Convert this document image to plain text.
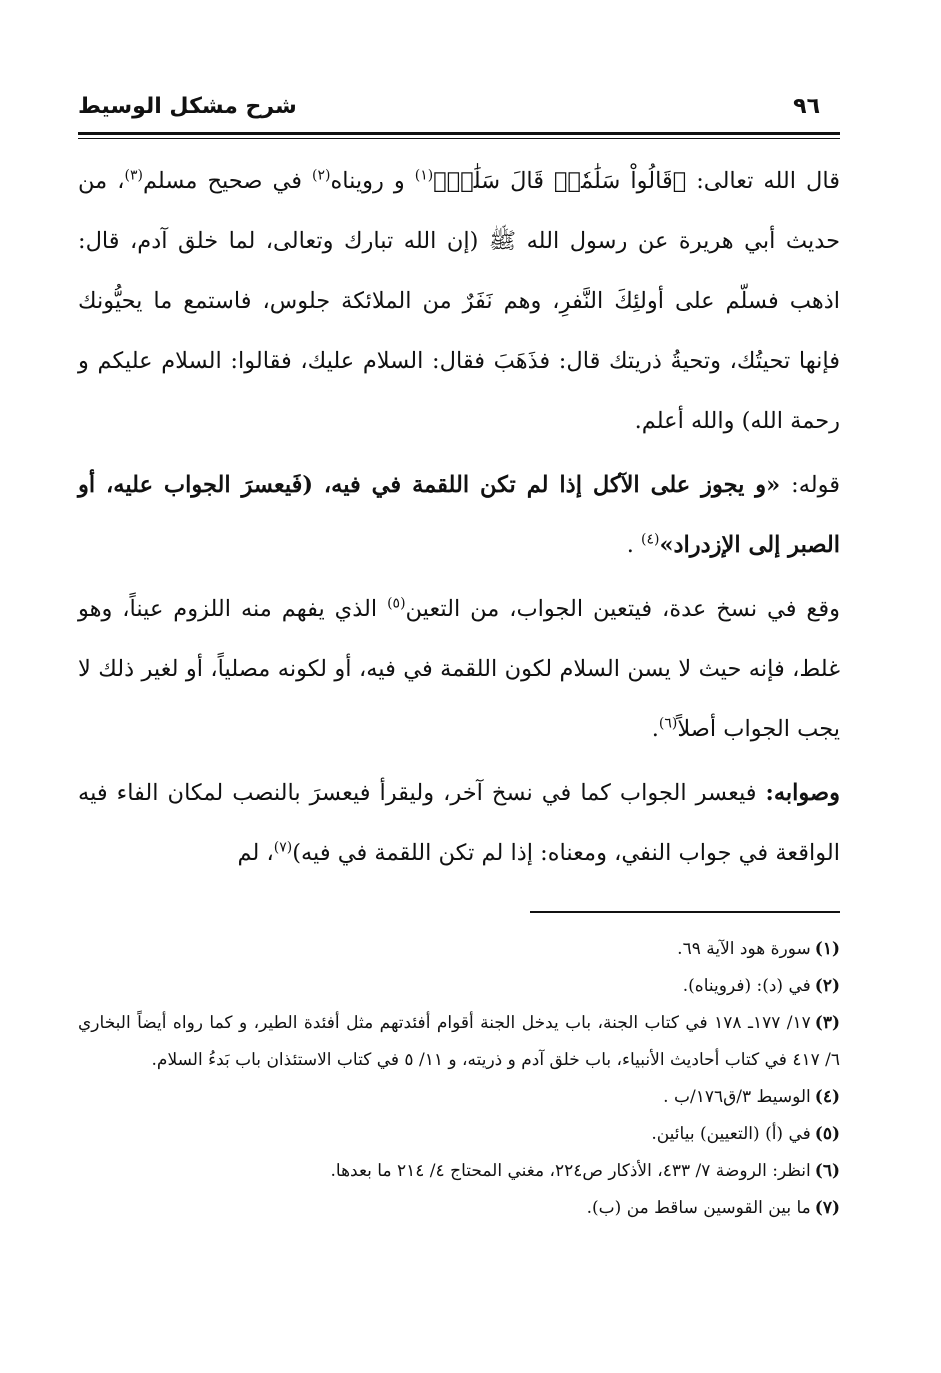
٩٦
شرح مشكل الوسيط

قال الله تعالى: ﴿قَالُواْ سَلَٰمٗاۖ قَالَ سَلَٰمٞ﴾$^{(١)}$ و رويناه$^{(٢)}$ في صحيح مسلم$^{(٣)}$، من حديث أبي هريرة عن رسول الله ﷺ (إن الله تبارك وتعالى، لما خلق آدم، قال: اذهب فسلّم على أولئِكَ النَّفرِ، وهم نَفَرٌ من الملائكة جلوس، فاستمع ما يحيُّونك فإنها تحيتُك، وتحيةُ ذريتك قال: فذَهَبَ فقال: السلام عليك، فقالوا: السلام عليكم و رحمة الله) والله أعلم.

قوله: «و يجوز على الآكل إذا لم تكن اللقمة في فيه، (فَيعسرَ الجواب عليه، أو الصبر إلى الإزدراد»$^{(٤)}$ .

وقع في نسخ عدة، فيتعين الجواب، من التعين$^{(٥)}$ الذي يفهم منه اللزوم عيناً، وهو غلط، فإنه حيث لا يسن السلام لكون اللقمة في فيه، أو لكونه مصلياً، أو لغير ذلك لا يجب الجواب أصلاً$^{(٦)}$.

وصوابه: فيعسر الجواب كما في نسخ آخر، وليقرأ فيعسرَ بالنصب لمكان الفاء فيه الواقعة في جواب النفي، ومعناه: إذا لم تكن اللقمة في فيه)$^{(٧)}$، لم

(١)سورة هود الآية ٦٩.

(٢)في (د): (فرويناه).

(٣)١٧/ ١٧٧ـ ١٧٨ في كتاب الجنة، باب يدخل الجنة أقوام أفئدتهم مثل أفئدة الطير، و كما رواه أيضاً البخاري ٦/ ٤١٧ في كتاب أحاديث الأنبياء، باب خلق آدم و ذريته، و ١١/ ٥ في كتاب الاستئذان باب بَدءُ السلام.

(٤)الوسيط ٣/ق١٧٦/ب .

(٥)في (أ) (التعيين) بيائين.

(٦)انظر: الروضة ٧/ ٤٣٣، الأذكار ص٢٢٤، مغني المحتاج ٤/ ٢١٤ ما بعدها.

(٧)ما بين القوسين ساقط من (ب).
